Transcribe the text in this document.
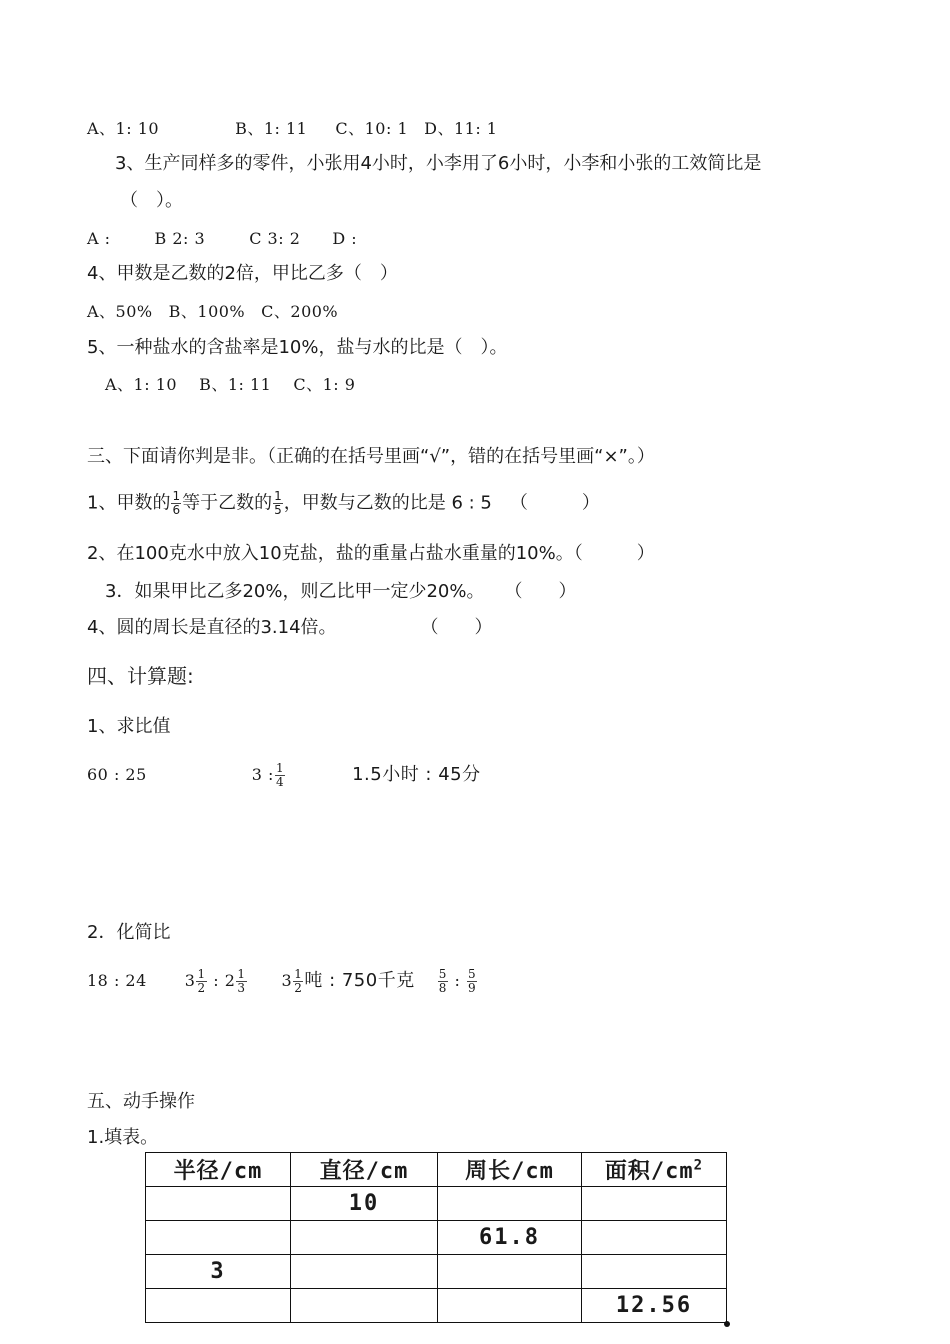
A、1: 10	B、1: 11 C、10: 1 D、11: 1
3、生产同样多的零件，小张用4小时，小李用了6小时，小李和小张的工效简比是
（　）。
A :	B 2: 3	C 3: 2 D :
4、甲数是乙数的2倍，甲比乙多（　）
A、50% B、100% C、200%
5、一种盐水的含盐率是10%，盐与水的比是（　）。
A、1: 10 B、1: 11 C、1: 9
三、下面请你判是非。（正确的在括号里画“√”，错的在括号里画“×”。）
1、甲数的 $\frac{1}{6}$ 等于乙数的 $\frac{1}{5}$ ，甲数与乙数的比是 6 : 5 （　　　）
2、在100克水中放入10克盐，盐的重量占盐水重量的10%。（　　　）
3．如果甲比乙多20%，则乙比甲一定少20%。 （　　）
4、圆的周长是直径的3.14倍。	（　　）
四、计算题:
1、求比值
60 : 25	3 : $\frac{1}{4}$	1.5小时 : 45分
2．化简比
18 : 24 $3 \frac{1}{2}$ : $2 \frac{1}{3} 3 \frac{1}{2}$ 吨 : 750千克 $\frac{5}{8}$ : $\frac{5}{9}$
五、动手操作
1.填表。
半径/cm	直径/cm	周长/cm	面积$/cm^2$
	10		
		61.8	
3			
			12.56
